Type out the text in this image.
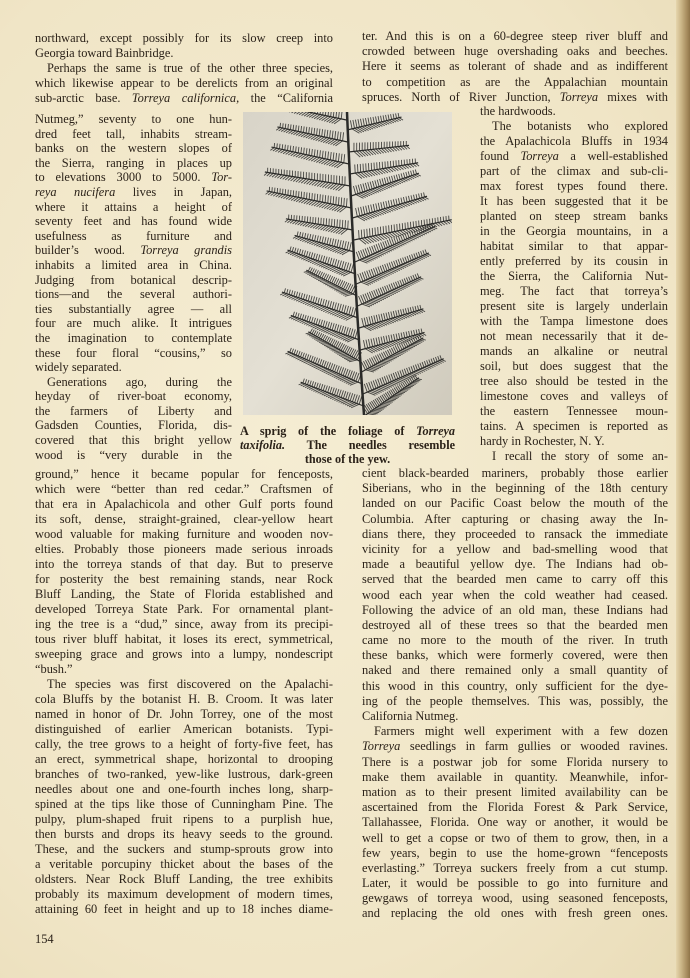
northward, except possibly for its slow creep into
Georgia toward Bainbridge.
Perhaps the same is true of the other three species,
which likewise appear to be derelicts from an original
sub-arctic base. Torreya californica, the “California
Nutmeg,” seventy to one hun-
dred feet tall, inhabits stream-
banks on the western slopes of
the Sierra, ranging in places up
to elevations 3000 to 5000. Tor-
reya nucifera lives in Japan,
where it attains a height of
seventy feet and has found wide
usefulness as furniture and
builder’s wood. Torreya grandis
inhabits a limited area in China.
Judging from botanical descrip-
tions—and the several authori-
ties substantially agree — all
four are much alike. It intrigues
the imagination to contemplate
these four floral “cousins,” so
widely separated.
Generations ago, during the
heyday of river-boat economy,
the farmers of Liberty and
Gadsden Counties, Florida, dis-
covered that this bright yellow
wood is “very durable in the
ground,” hence it became popular for fenceposts,
which were “better than red cedar.” Craftsmen of
that era in Apalachicola and other Gulf ports found
its soft, dense, straight-grained, clear-yellow heart
wood valuable for making furniture and wooden nov-
elties. Probably those pioneers made serious inroads
into the torreya stands of that day. But to preserve
for posterity the best remaining stands, near Rock
Bluff Landing, the State of Florida established and
developed Torreya State Park. For ornamental plant-
ing the tree is a “dud,” since, away from its precipi-
tous river bluff habitat, it loses its erect, symmetrical,
sweeping grace and grows into a lumpy, nondescript
“bush.”
The species was first discovered on the Apalachi-
cola Bluffs by the botanist H. B. Croom. It was later
named in honor of Dr. John Torrey, one of the most
distinguished of earlier American botanists. Typi-
cally, the tree grows to a height of forty-five feet, has
an erect, symmetrical shape, horizontal to drooping
branches of two-ranked, yew-like lustrous, dark-green
needles about one and one-fourth inches long, sharp-
spined at the tips like those of Cunningham Pine. The
pulpy, plum-shaped fruit ripens to a purplish hue,
then bursts and drops its heavy seeds to the ground.
These, and the suckers and stump-sprouts grow into
a veritable porcupiny thicket about the bases of the
oldsters. Near Rock Bluff Landing, the tree exhibits
probably its maximum development of modern times,
attaining 60 feet in height and up to 18 inches diame-
ter. And this is on a 60-degree steep river bluff and
crowded between huge overshading oaks and beeches.
Here it seems as tolerant of shade and as indifferent
to competition as are the Appalachian mountain
spruces. North of River Junction, Torreya mixes with
the hardwoods.
The botanists who explored
the Apalachicola Bluffs in 1934
found Torreya a well-established
part of the climax and sub-cli-
max forest types found there.
It has been suggested that it be
planted on steep stream banks
in the Georgia mountains, in a
habitat similar to that appar-
ently preferred by its cousin in
the Sierra, the California Nut-
meg. The fact that torreya’s
present site is largely underlain
with the Tampa limestone does
not mean necessarily that it de-
mands an alkaline or neutral
soil, but does suggest that the
tree also should be tested in the
limestone coves and valleys of
the eastern Tennessee moun-
tains. A specimen is reported as
hardy in Rochester, N. Y.
I recall the story of some an-
cient black-bearded mariners, probably those earlier
Siberians, who in the beginning of the 18th century
landed on our Pacific Coast below the mouth of the
Columbia. After capturing or chasing away the In-
dians there, they proceeded to ransack the immediate
vicinity for a yellow and bad-smelling wood that
made a beautiful yellow dye. The Indians had ob-
served that the bearded men came to carry off this
wood each year when the cold weather had ceased.
Following the advice of an old man, these Indians had
destroyed all of these trees so that the bearded men
came no more to the mouth of the river. In truth
these banks, which were formerly covered, were then
naked and there remained only a small quantity of
this wood in this country, only sufficient for the dye-
ing of the people themselves. This was, possibly, the
California Nutmeg.
Farmers might well experiment with a few dozen
Torreya seedlings in farm gullies or wooded ravines.
There is a postwar job for some Florida nursery to
make them available in quantity. Meanwhile, infor-
mation as to their present limited availability can be
ascertained from the Florida Forest & Park Service,
Tallahassee, Florida. One way or another, it would be
well to get a copse or two of them to grow, then, in a
few years, begin to use the home-grown “fenceposts
everlasting.” Torreya suckers freely from a cut stump.
Later, it would be possible to go into furniture and
gewgaws of torreya wood, using seasoned fenceposts,
and replacing the old ones with fresh green ones.
A sprig of the foliage of Torreya
taxifolia. The needles resemble
those of the yew.
154
